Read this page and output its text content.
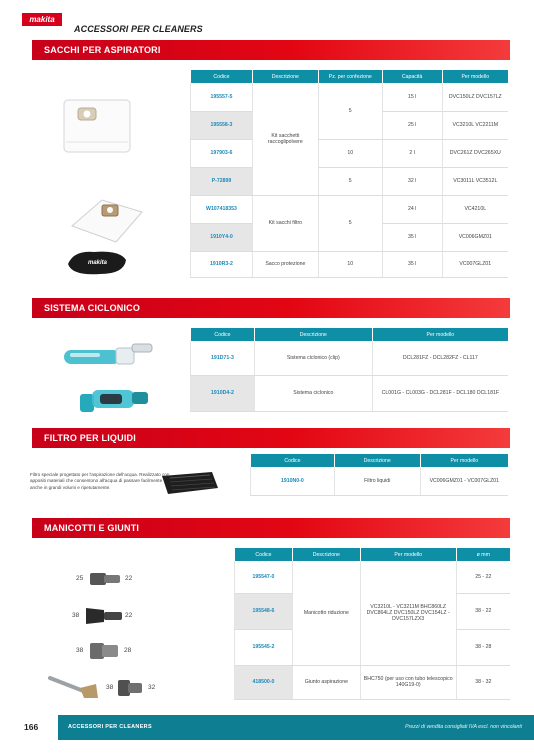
makita
ACCESSORI PER CLEANERS
SACCHI PER ASPIRATORI
makita
Codice	Descrizione	Pz. per confezione	Capacità	Per modello
195557-5	Kit sacchetti raccoglipolvere	5	15 l	DVC150LZ DVC157LZ
195558-3			25 l	VC3210L VC2211M
197903-6		10	2 l	DVC261Z DVC265XU
P-72899		5	32 l	VC3011L VC3512L
W107418353	Kit sacchi filtro	5	24 l	VC4210L
1910Y4-0			35 l	VC006GMZ01
1910R3-2	Sacco protezione	10	35 l	VC007GLZ01
SISTEMA CICLONICO
Codice	Descrizione	Per modello
191D71-3	Sistema ciclonico (clip)	DCL281FZ - DCL282FZ - CL117
1910D4-2	Sistema ciclonico	CL001G - CL003G - DCL281F - DCL180 DCL181F
FILTRO PER LIQUIDI
Filtro speciale progettato per l'aspirazione dell'acqua. Realizzato con appositi materiali che consentono all'acqua di passare facilmente anche in grandi volumi e ripetutamente.
Codice	Descrizione	Per modello
1910N0-0	Filtro liquidi	VC006GMZ01 - VC007GLZ01
MANICOTTI E GIUNTI
25	22
38	22
38	28
38	32
Codice	Descrizione	Per modello	ø mm
195547-0	Manicotto riduzione	VC3210L - VC3211M BHC860LZ DVC864LZ DVC150LZ DVC154LZ - DVC157LZX3	25 - 22
195548-6			38 - 22
195545-2			38 - 28
418500-0	Giunto aspirazione	BHC750 (per uso con tubo telescopico 140G19-0)	38 - 32
166	ACCESSORI PER CLEANERS	Prezzi di vendita consigliati IVA escl. non vincolanti
